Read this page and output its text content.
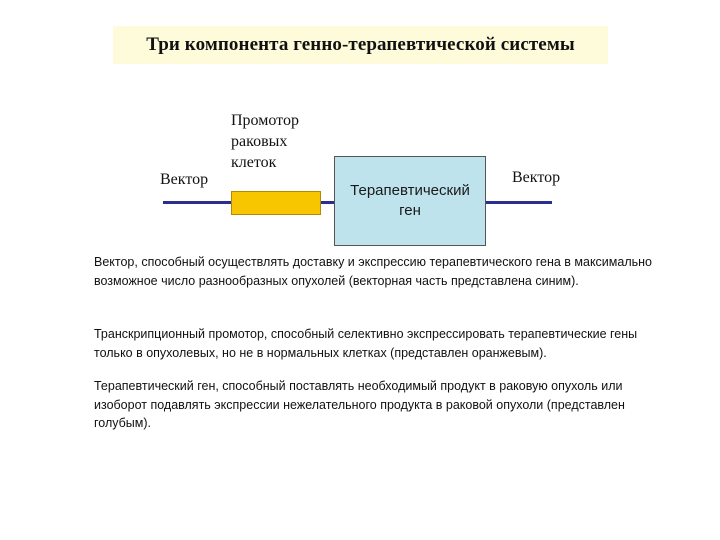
Три компонента генно-терапевтической системы
Терапевтический
ген
Вектор	Вектор
Промотор
раковых
клеток

Вектор, способный осуществлять доставку и экспрессию терапевтического гена в максимально возможное число разнообразных опухолей (векторная часть представлена синим).

Транскрипционный промотор, способный селективно экспрессировать терапевтические гены только в опухолевых, но не в нормальных клетках (представлен оранжевым).

Терапевтический ген, способный поставлять необходимый продукт в раковую опухоль или изоборот подавлять экспрессии нежелательного продукта в раковой опухоли (представлен голубым).
